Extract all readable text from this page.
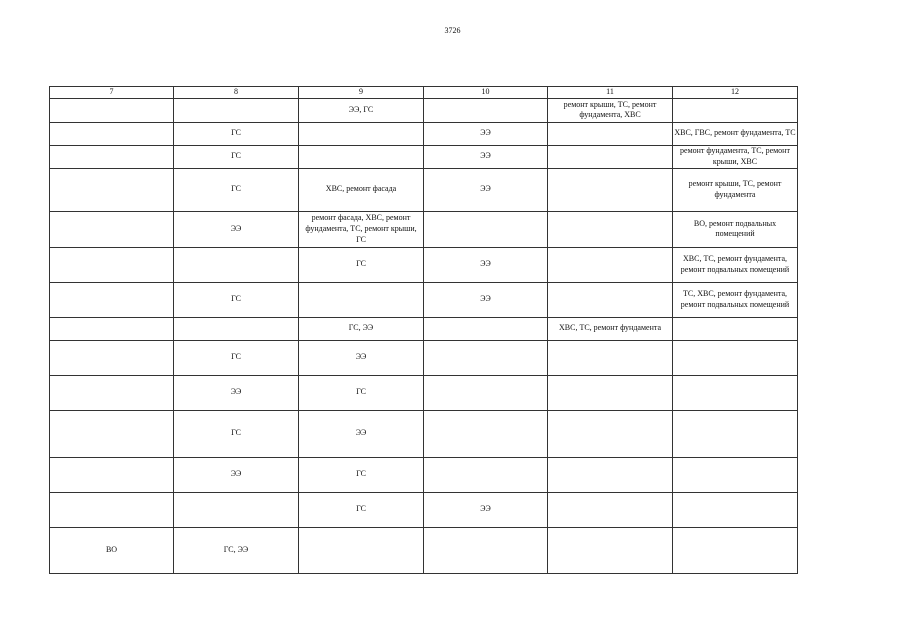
3726
7	8	9	10	11	12
		ЭЭ, ГС		ремонт крыши, ТС, ремонт фундамента, ХВС	
	ГС		ЭЭ		ХВС, ГВС, ремонт фундамента, ТС
	ГС		ЭЭ		ремонт фундамента, ТС, ремонт крыши, ХВС
	ГС	ХВС, ремонт фасада	ЭЭ		ремонт крыши, ТС, ремонт фундамента
	ЭЭ	ремонт фасада, ХВС, ремонт фундамента, ТС, ремонт крыши, ГС			ВО, ремонт подвальных помещений
		ГС	ЭЭ		ХВС, ТС, ремонт фундамента, ремонт подвальных помещений
	ГС		ЭЭ		ТС, ХВС, ремонт фундамента, ремонт подвальных помещений
		ГС, ЭЭ		ХВС, ТС, ремонт фундамента	
	ГС	ЭЭ			
	ЭЭ	ГС			
	ГС	ЭЭ			
	ЭЭ	ГС			
		ГС	ЭЭ		
ВО	ГС, ЭЭ				
